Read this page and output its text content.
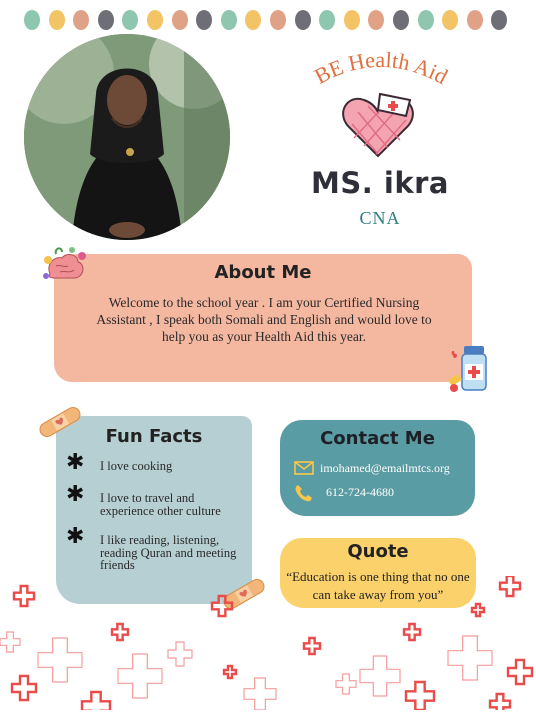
BE Health Aid
MS. ikra
CNA
About Me
Welcome to the school year . I am your Certified Nursing Assistant , I speak both Somali and English and would love to help you as your Health Aid this year.
Fun Facts
✱ I love cooking
✱ I love to travel and experience other culture
✱ I like reading, listening, reading Quran and meeting friends
Contact Me
imohamed@emailmtcs.org
612-724-4680
Quote
“Education is one thing that no one can take away from you”
